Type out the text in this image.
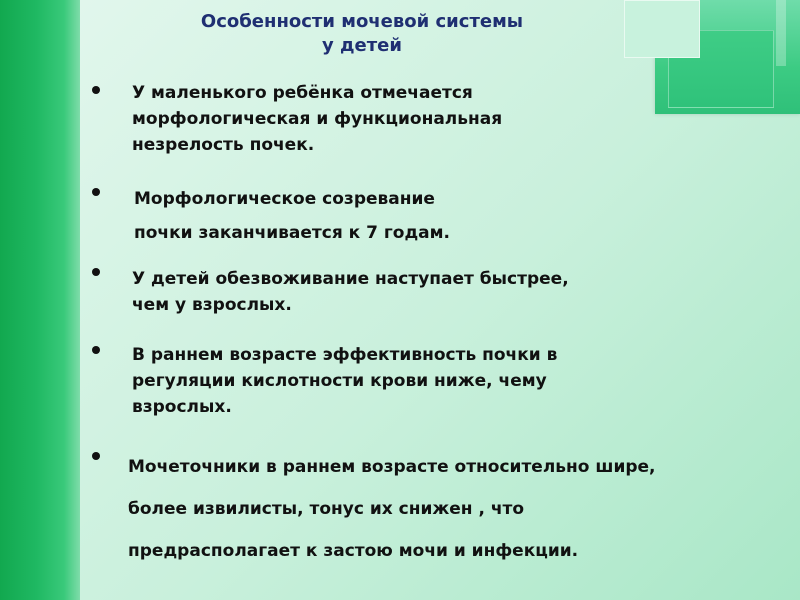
Особенности мочевой системы
у детей
У маленького ребёнка отмечается
морфологическая и функциональная
незрелость почек.
Морфологическое созревание
почки заканчивается к 7 годам.
У детей обезвоживание наступает быстрее,
чем у взрослых.
В раннем возрасте эффективность почки в
регуляции кислотности крови ниже, чему
взрослых.
Мочеточники в раннем возрасте относительно шире,
более извилисты, тонус их снижен , что
предрасполагает к застою мочи и инфекции.
